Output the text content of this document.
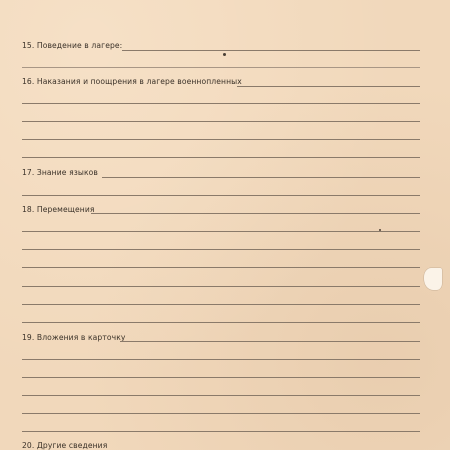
15. Поведение в лагере:
16. Наказания и поощрения в лагере военнопленных
17. Знание языков
18. Перемещения
19. Вложения в карточку
20. Другие сведения
